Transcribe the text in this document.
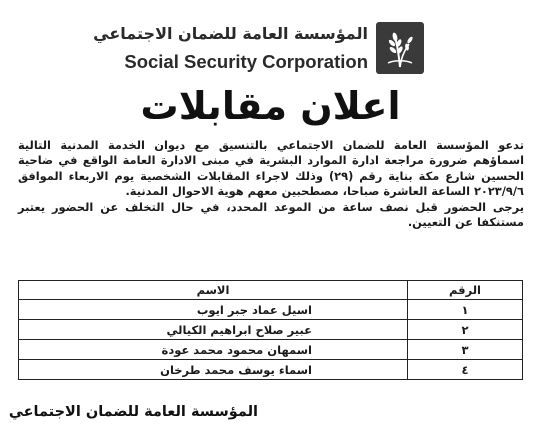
المؤسسة العامة للضمان الاجتماعي
Social Security Corporation
اعلان مقابلات

تدعو المؤسسة العامة للضمان الاجتماعي بالتنسيق مع ديوان الخدمة المدنية التالية اسماؤهم ضرورة مراجعة ادارة الموارد البشرية في مبنى الادارة العامة الواقع في ضاحية الحسين شارع مكة بناية رقم (٢٩) وذلك لاجراء المقابلات الشخصية يوم الاربعاء الموافق ٢٠٢٣/٩/٦ الساعة العاشرة صباحا، مصطحبين معهم هوية الاحوال المدنية.

يرجى الحضور قبل نصف ساعة من الموعد المحدد، في حال التخلف عن الحضور يعتبر مستنكفا عن التعيين.

الرقم	الاسم
١	اسيل عماد جبر ايوب
٢	عبير صلاح ابراهيم الكيالي
٣	اسمهان محمود محمد عودة
٤	اسماء يوسف محمد طرخان
المؤسسة العامة للضمان الاجتماعي
